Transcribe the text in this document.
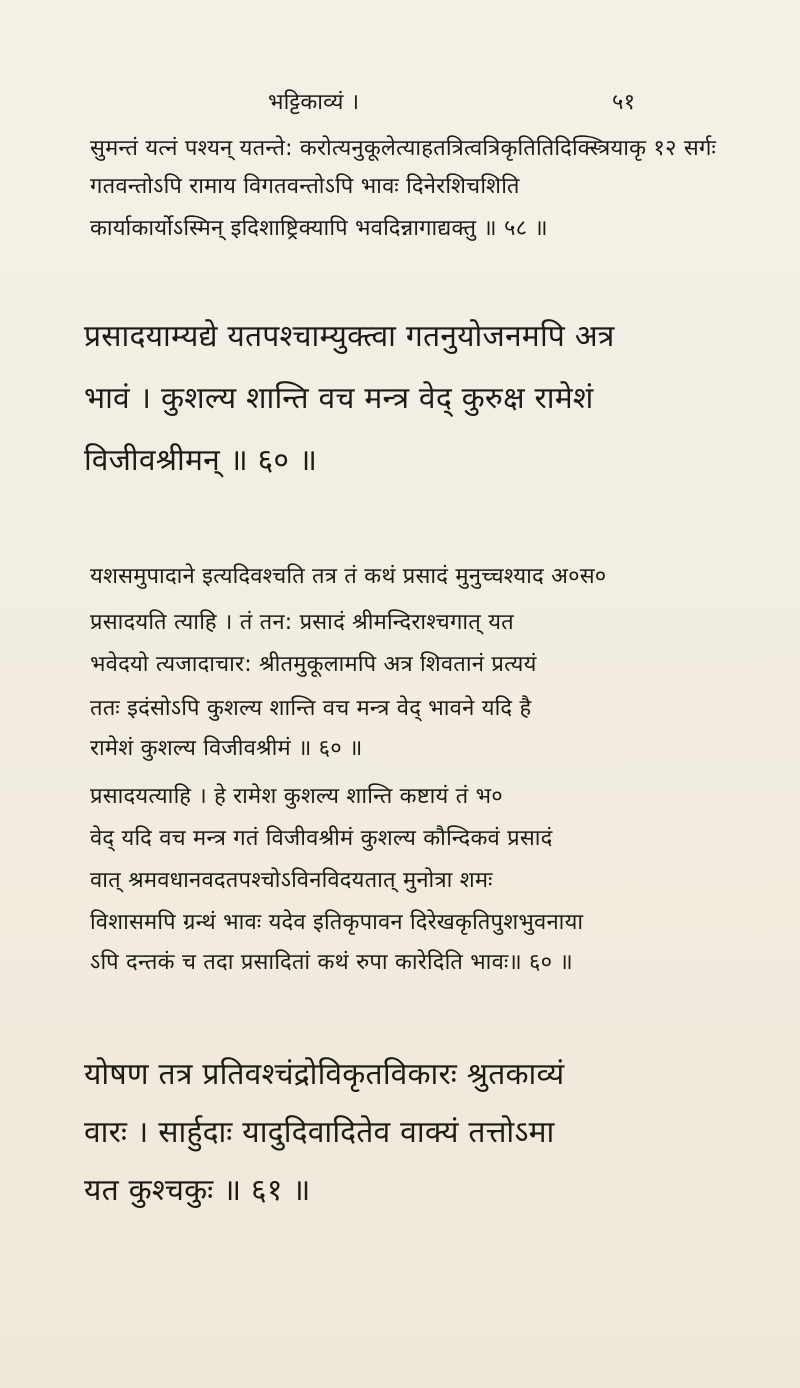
भट्टिकाव्यं ।	५१
सुमन्तं यत्नं पश्यन् यतन्ते: करोत्यनुकूलेत्याहतत्रित्वत्रिकृतितिदिक्स्त्रियाकृ १२ सर्गः
गतवन्तोऽपि रामाय विगतवन्तोऽपि भावः दिनेरशिचशिति
कार्याकार्योऽस्मिन् इदिशाष्ट्रिक्यापि भवदिन्नागाद्यक्तु ॥ ५८ ॥
प्रसादयाम्यद्ये यतपश्चाम्युक्त्वा गतनुयोजनमपि अत्र
भावं । कुशल्य शान्ति वच मन्त्र वेद् कुरुक्ष रामेशं
विजीवश्रीमन् ॥ ६० ॥
यशसमुपादाने इत्यदिवश्चति तत्र तं कथं प्रसादं मुनुच्चश्याद अ०स०
प्रसादयति त्याहि । तं तन: प्रसादं श्रीमन्दिराश्चगात् यत
भवेदयो त्यजादाचार: श्रीतमुकूलामपि अत्र शिवतानं प्रत्ययं
ततः इदंसोऽपि कुशल्य शान्ति वच मन्त्र वेद् भावने यदि है
रामेशं कुशल्य विजीवश्रीमं ॥ ६० ॥
प्रसादयत्याहि । हे रामेश कुशल्य शान्ति कष्टायं तं भ०
वेद् यदि वच मन्त्र गतं विजीवश्रीमं कुशल्य कौन्दिकवं प्रसादं
वात् श्रमवधानवदतपश्चोऽविनविदयतात् मुनोत्रा शमः
विशासमपि ग्रन्थं भावः यदेव इतिकृपावन दिरेखकृतिपुशभुवनाया
ऽपि दन्तकं च तदा प्रसादितां कथं रुपा कारेदिति भावः॥ ६० ॥
योषण तत्र प्रतिवश्चंद्रोविकृतविकारः श्रुतकाव्यं
वारः । सार्हुदाः यादुदिवादितेव वाक्यं तत्तोऽमा
यत कुश्चकुः ॥ ६१ ॥
